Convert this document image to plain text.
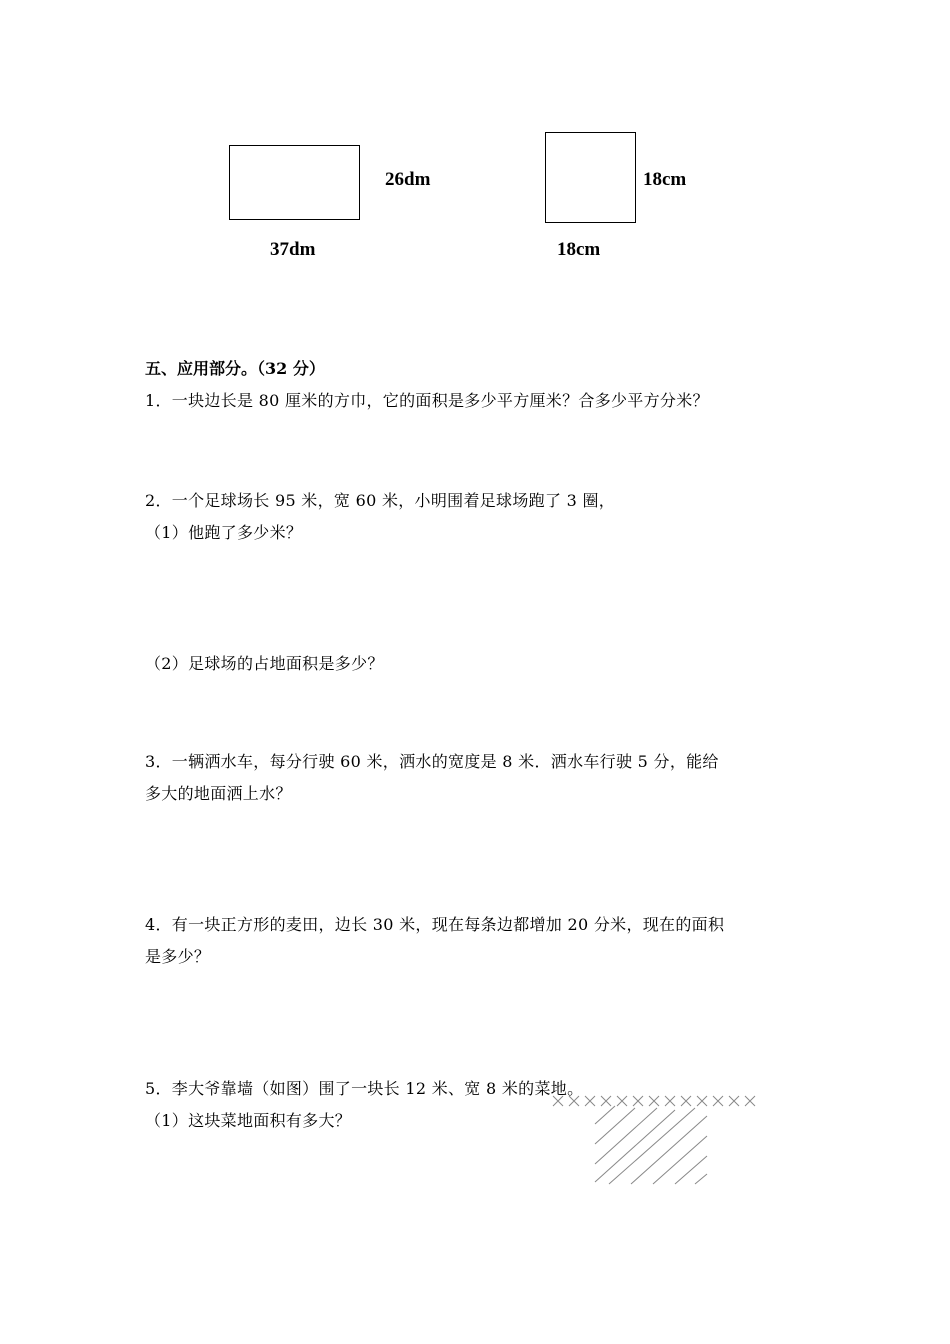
26dm
37dm
18cm
18cm
五、应用部分。（32 分）
1．一块边长是 80 厘米的方巾，它的面积是多少平方厘米？合多少平方分米？
2．一个足球场长 95 米，宽 60 米，小明围着足球场跑了 3 圈，
（1）他跑了多少米？
（2）足球场的占地面积是多少？
3．一辆洒水车，每分行驶 60 米，洒水的宽度是 8 米．洒水车行驶 5 分，能给
多大的地面洒上水？
4．有一块正方形的麦田，边长 30 米，现在每条边都增加 20 分米，现在的面积
是多少？
5．李大爷靠墙（如图）围了一块长 12 米、宽 8 米的菜地。
（1）这块菜地面积有多大？
